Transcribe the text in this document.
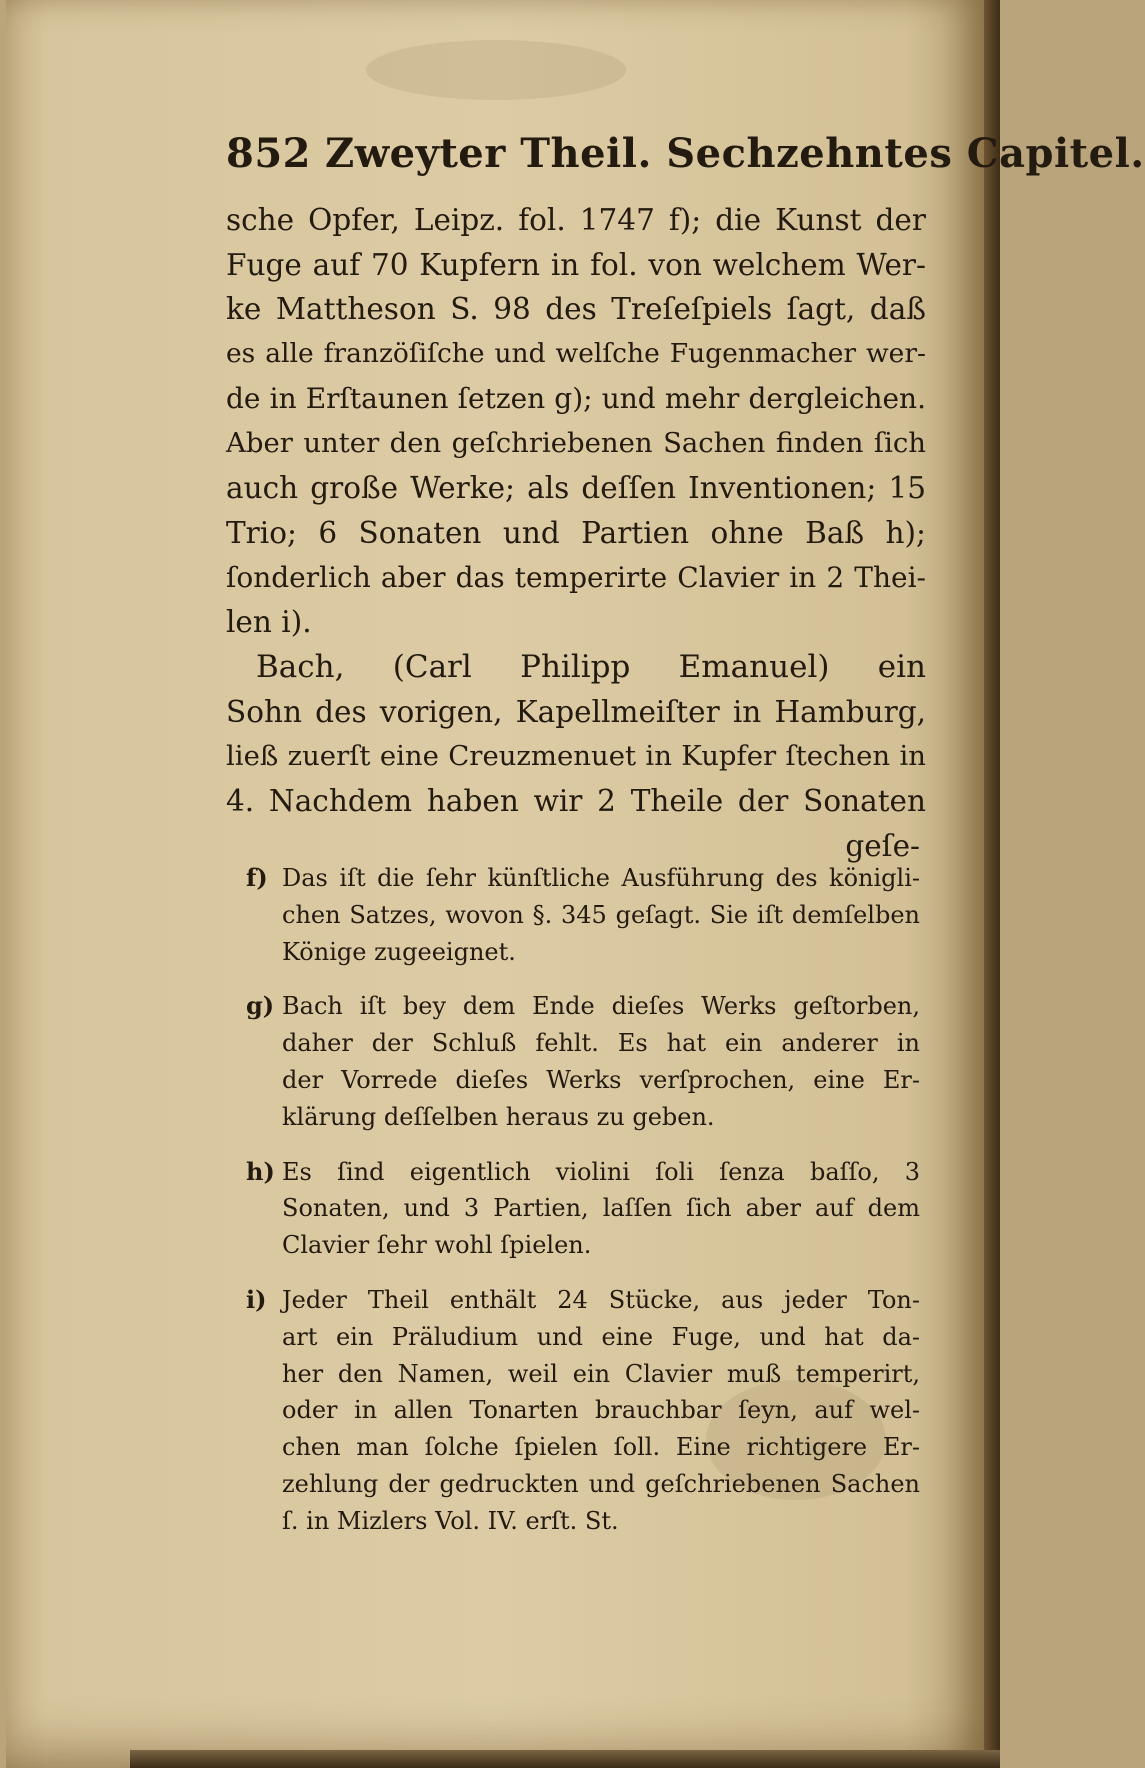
852 Zweyter Theil. Sechzehntes Capitel.
sche Opfer, Leipz. fol. 1747 f); die Kunst der
Fuge auf 70 Kupfern in fol. von welchem Wer-
ke Mattheson S. 98 des Treſeſpiels ſagt, daß
es alle franzöſiſche und welſche Fugenmacher wer-
de in Erſtaunen ſetzen g); und mehr dergleichen.
Aber unter den geſchriebenen Sachen finden ſich
auch große Werke; als deſſen Inventionen; 15
Trio; 6 Sonaten und Partien ohne Baß h);
ſonderlich aber das temperirte Clavier in 2 Thei-
len i).
Bach, (Carl Philipp Emanuel) ein
Sohn des vorigen, Kapellmeiſter in Hamburg,
ließ zuerſt eine Creuzmenuet in Kupfer ſtechen in
4. Nachdem haben wir 2 Theile der Sonaten
geſe-
f) Das iſt die ſehr künſtliche Ausführung des königli-
chen Satzes, wovon §. 345 geſagt. Sie iſt demſelben
Könige zugeeignet.
g) Bach iſt bey dem Ende dieſes Werks geſtorben,
daher der Schluß fehlt. Es hat ein anderer in
der Vorrede dieſes Werks verſprochen, eine Er-
klärung deſſelben heraus zu geben.
h) Es ſind eigentlich violini ſoli ſenza baſſo, 3
Sonaten, und 3 Partien, laſſen ſich aber auf dem
Clavier ſehr wohl ſpielen.
i) Jeder Theil enthält 24 Stücke, aus jeder Ton-
art ein Präludium und eine Fuge, und hat da-
her den Namen, weil ein Clavier muß temperirt,
oder in allen Tonarten brauchbar ſeyn, auf wel-
chen man ſolche ſpielen ſoll. Eine richtigere Er-
zehlung der gedruckten und geſchriebenen Sachen
ſ. in Mizlers Vol. IV. erſt. St.
